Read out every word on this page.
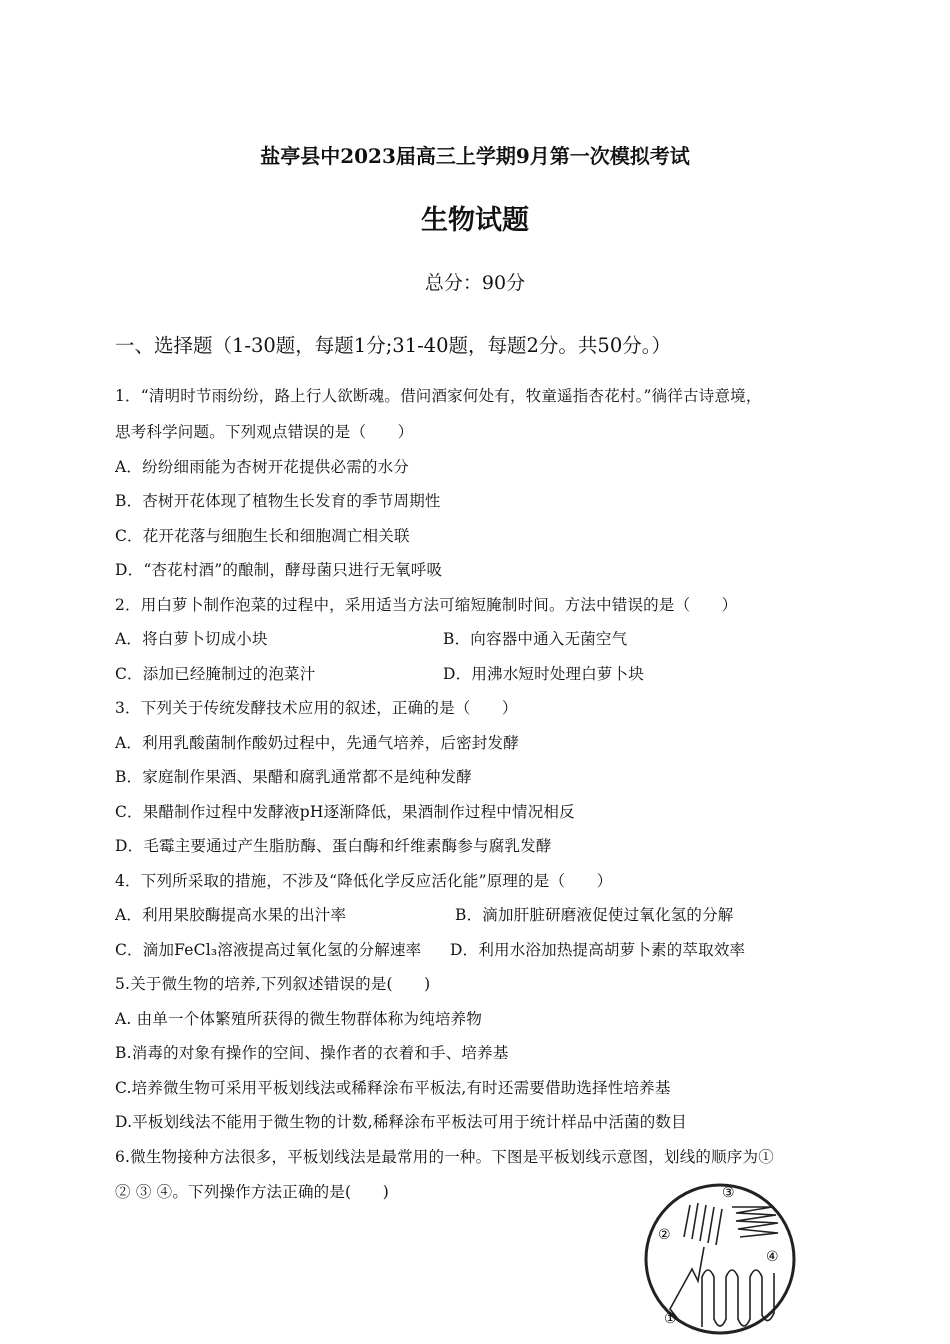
盐亭县中2023届高三上学期9月第一次模拟考试
生物试题
总分：90分
一、选择题（1-30题，每题1分;31-40题，每题2分。共50分。）
1．“清明时节雨纷纷，路上行人欲断魂。借问酒家何处有，牧童遥指杏花村。”徜徉古诗意境，
思考科学问题。下列观点错误的是（　　）
A．纷纷细雨能为杏树开花提供必需的水分
B．杏树开花体现了植物生长发育的季节周期性
C．花开花落与细胞生长和细胞凋亡相关联
D．“杏花村酒”的酿制，酵母菌只进行无氧呼吸
2．用白萝卜制作泡菜的过程中，采用适当方法可缩短腌制时间。方法中错误的是（　　）
A．将白萝卜切成小块	B．向容器中通入无菌空气
C．添加已经腌制过的泡菜汁	D．用沸水短时处理白萝卜块
3．下列关于传统发酵技术应用的叙述，正确的是（　　）
A．利用乳酸菌制作酸奶过程中，先通气培养，后密封发酵
B．家庭制作果酒、果醋和腐乳通常都不是纯种发酵
C．果醋制作过程中发酵液pH逐渐降低，果酒制作过程中情况相反
D．毛霉主要通过产生脂肪酶、蛋白酶和纤维素酶参与腐乳发酵
4．下列所采取的措施，不涉及“降低化学反应活化能”原理的是（　　）
A．利用果胶酶提高水果的出汁率	B．滴加肝脏研磨液促使过氧化氢的分解
C．滴加FeCl₃溶液提高过氧化氢的分解速率 D．利用水浴加热提高胡萝卜素的萃取效率
5.关于微生物的培养,下列叙述错误的是(　　)
A. 由单一个体繁殖所获得的微生物群体称为纯培养物
B.消毒的对象有操作的空间、操作者的衣着和手、培养基
C.培养微生物可采用平板划线法或稀释涂布平板法,有时还需要借助选择性培养基
D.平板划线法不能用于微生物的计数,稀释涂布平板法可用于统计样品中活菌的数目
6.微生物接种方法很多，平板划线法是最常用的一种。下图是平板划线示意图，划线的顺序为①
② ③ ④。下列操作方法正确的是(　　)
①
②
③
④
